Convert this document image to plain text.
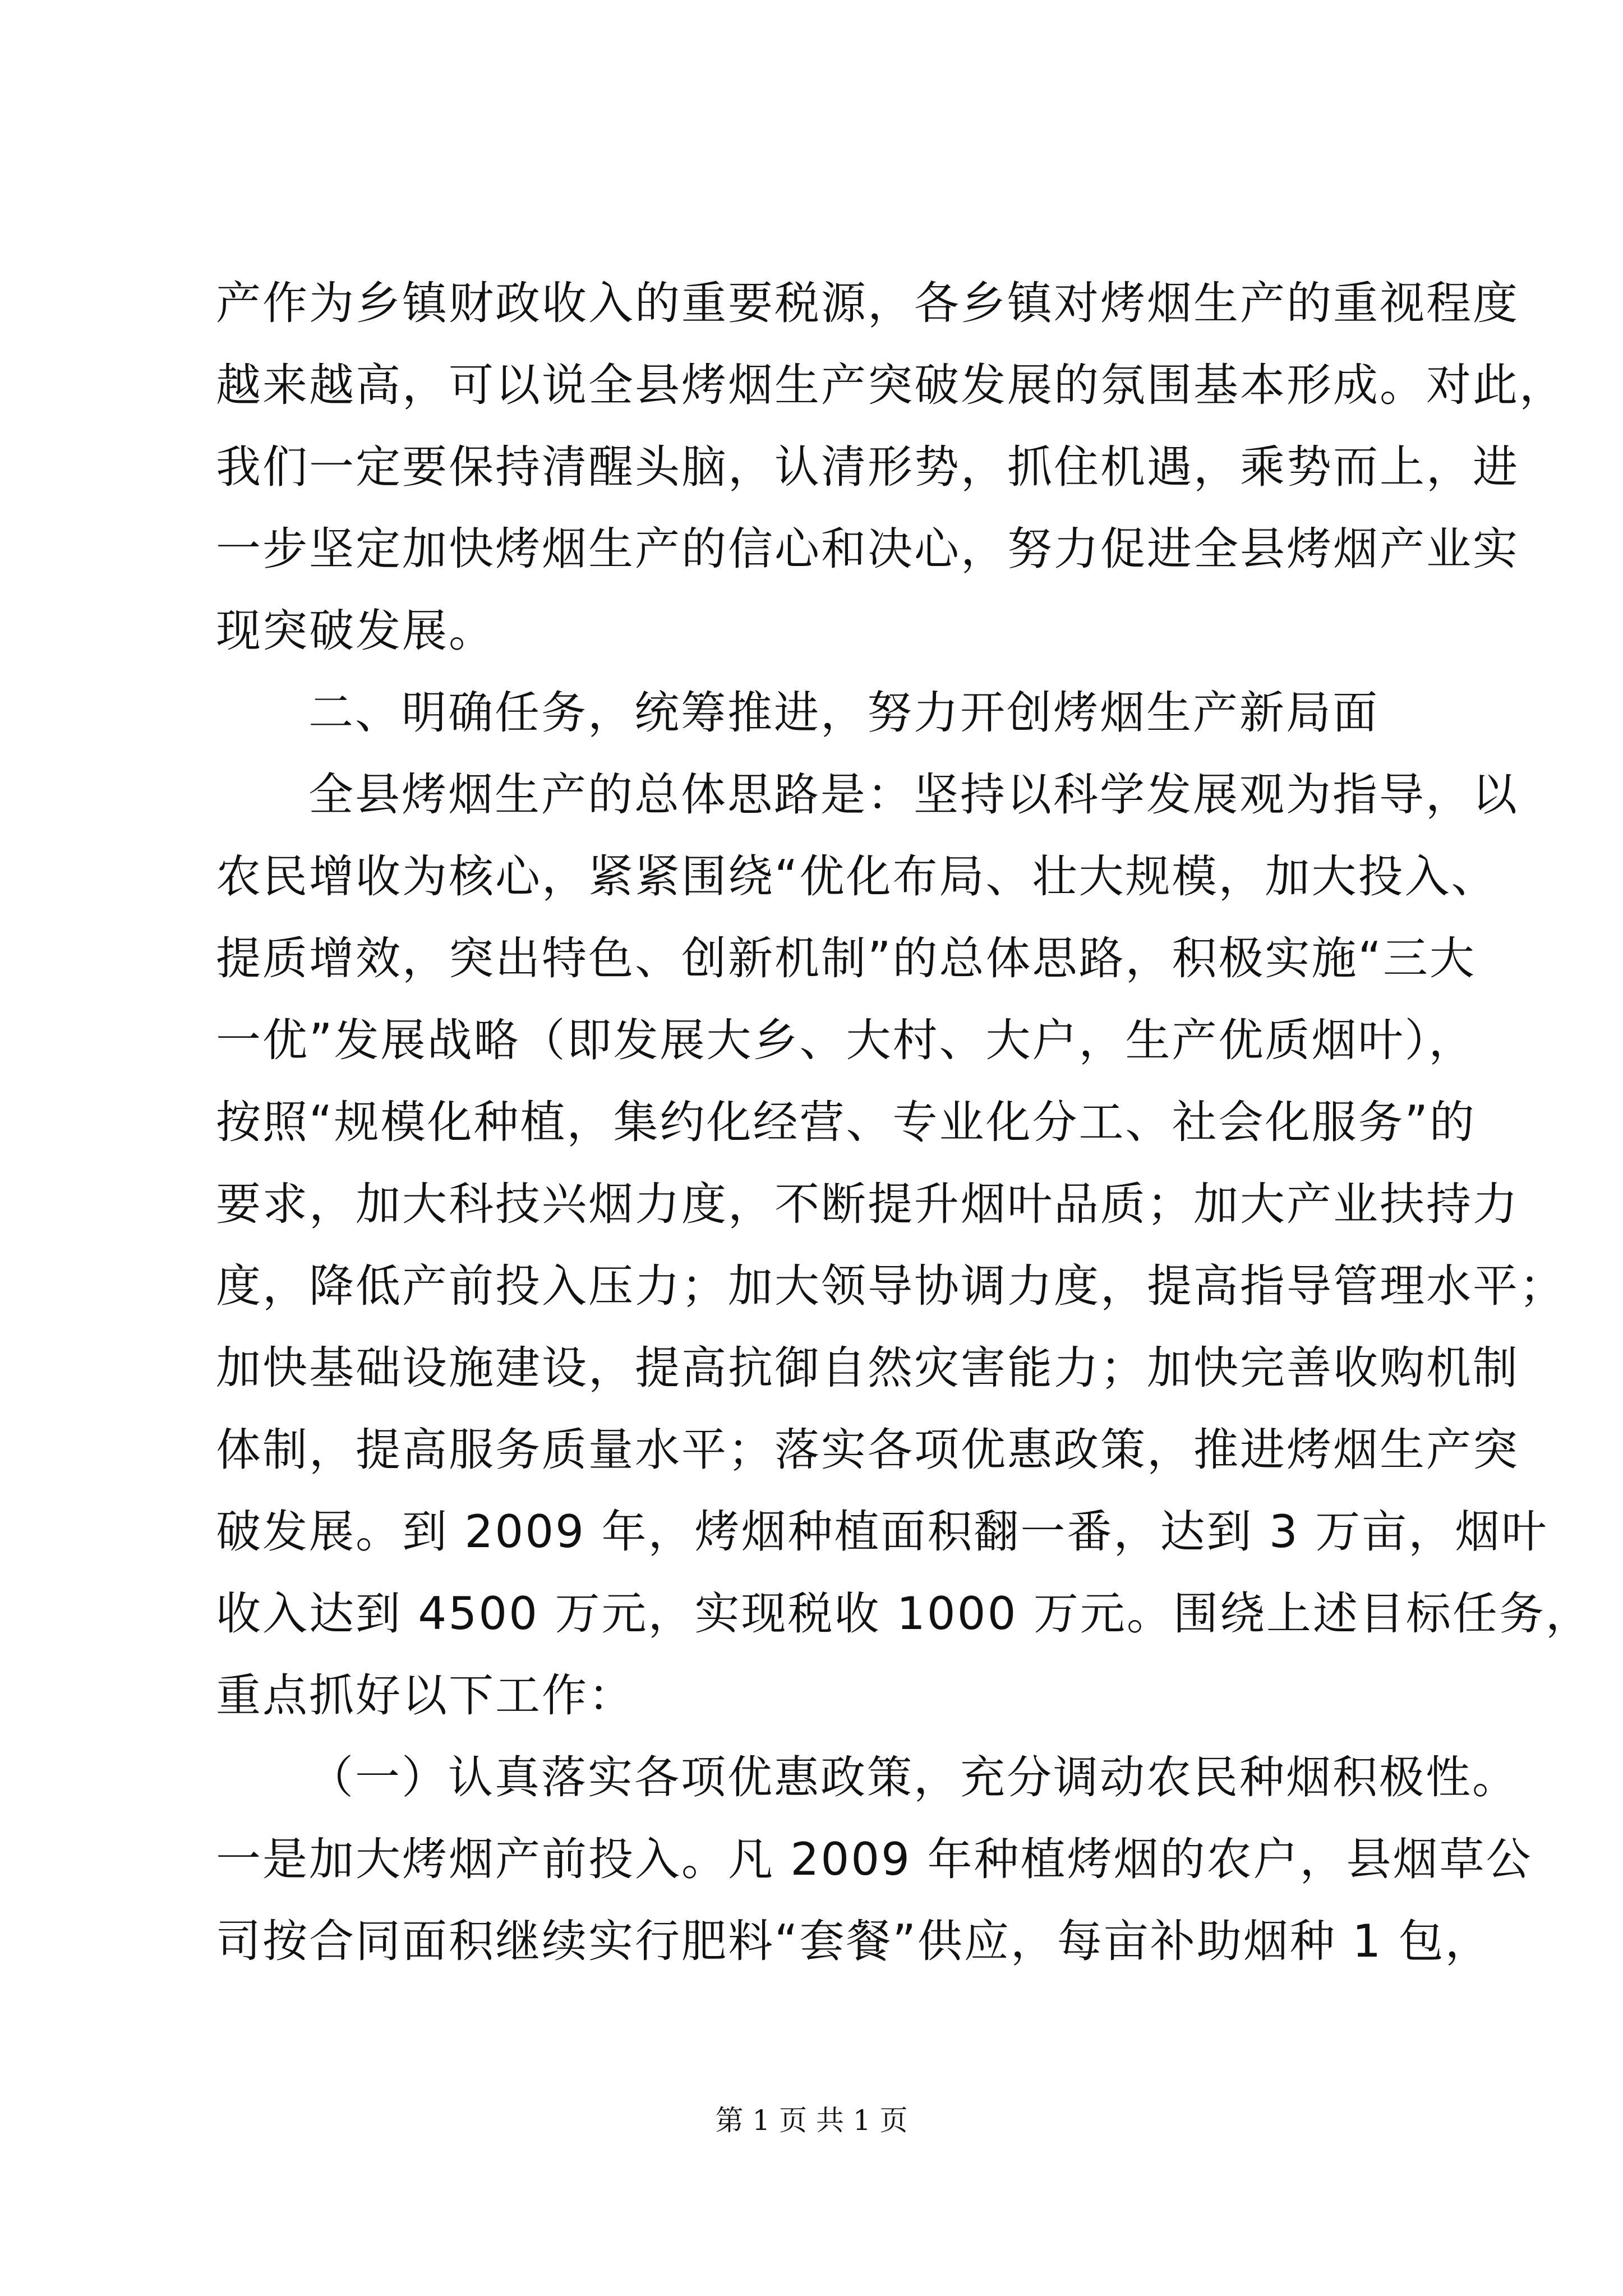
产作为乡镇财政收入的重要税源，各乡镇对烤烟生产的重视程度
越来越高，可以说全县烤烟生产突破发展的氛围基本形成。对此，
我们一定要保持清醒头脑，认清形势，抓住机遇，乘势而上，进
一步坚定加快烤烟生产的信心和决心，努力促进全县烤烟产业实
现突破发展。
二、明确任务，统筹推进，努力开创烤烟生产新局面
全县烤烟生产的总体思路是：坚持以科学发展观为指导，以
农民增收为核心，紧紧围绕“优化布局、壮大规模，加大投入、
提质增效，突出特色、创新机制”的总体思路，积极实施“三大
一优”发展战略（即发展大乡、大村、大户，生产优质烟叶），
按照“规模化种植，集约化经营、专业化分工、社会化服务”的
要求，加大科技兴烟力度，不断提升烟叶品质；加大产业扶持力
度，降低产前投入压力；加大领导协调力度，提高指导管理水平；
加快基础设施建设，提高抗御自然灾害能力；加快完善收购机制
体制，提高服务质量水平；落实各项优惠政策，推进烤烟生产突
破发展。到 2009 年，烤烟种植面积翻一番，达到 3 万亩，烟叶
收入达到 4500 万元，实现税收 1000 万元。围绕上述目标任务，
重点抓好以下工作：
（一）认真落实各项优惠政策，充分调动农民种烟积极性。
一是加大烤烟产前投入。凡 2009 年种植烤烟的农户，县烟草公
司按合同面积继续实行肥料“套餐”供应，每亩补助烟种 1 包，
第 1 页 共 1 页
